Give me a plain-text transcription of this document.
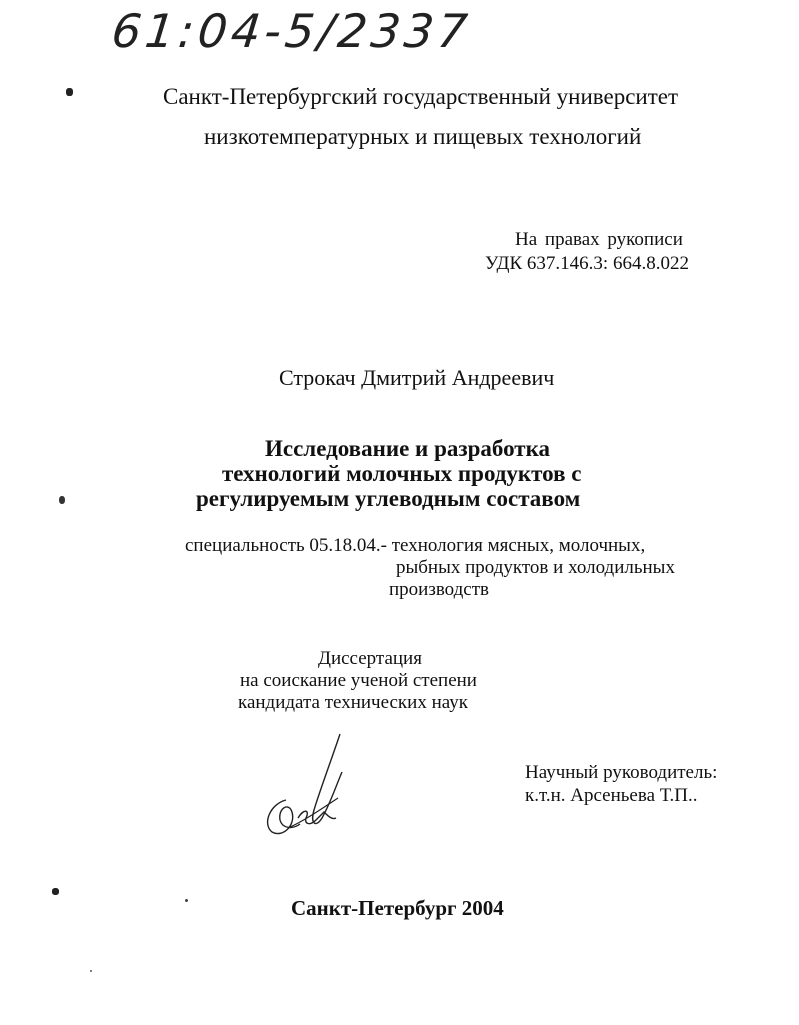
61:04-5/2337
Санкт-Петербургский государственный университет
низкотемпературных и пищевых технологий
На правах рукописи
УДК 637.146.3: 664.8.022
Строкач Дмитрий Андреевич
Исследование и разработка
технологий молочных продуктов с
регулируемым углеводным составом
специальность 05.18.04.- технология мясных, молочных,
рыбных продуктов и холодильных
производств
Диссертация
на соискание ученой степени
кандидата технических наук
Научный руководитель:
к.т.н. Арсеньева Т.П..
Санкт-Петербург 2004
